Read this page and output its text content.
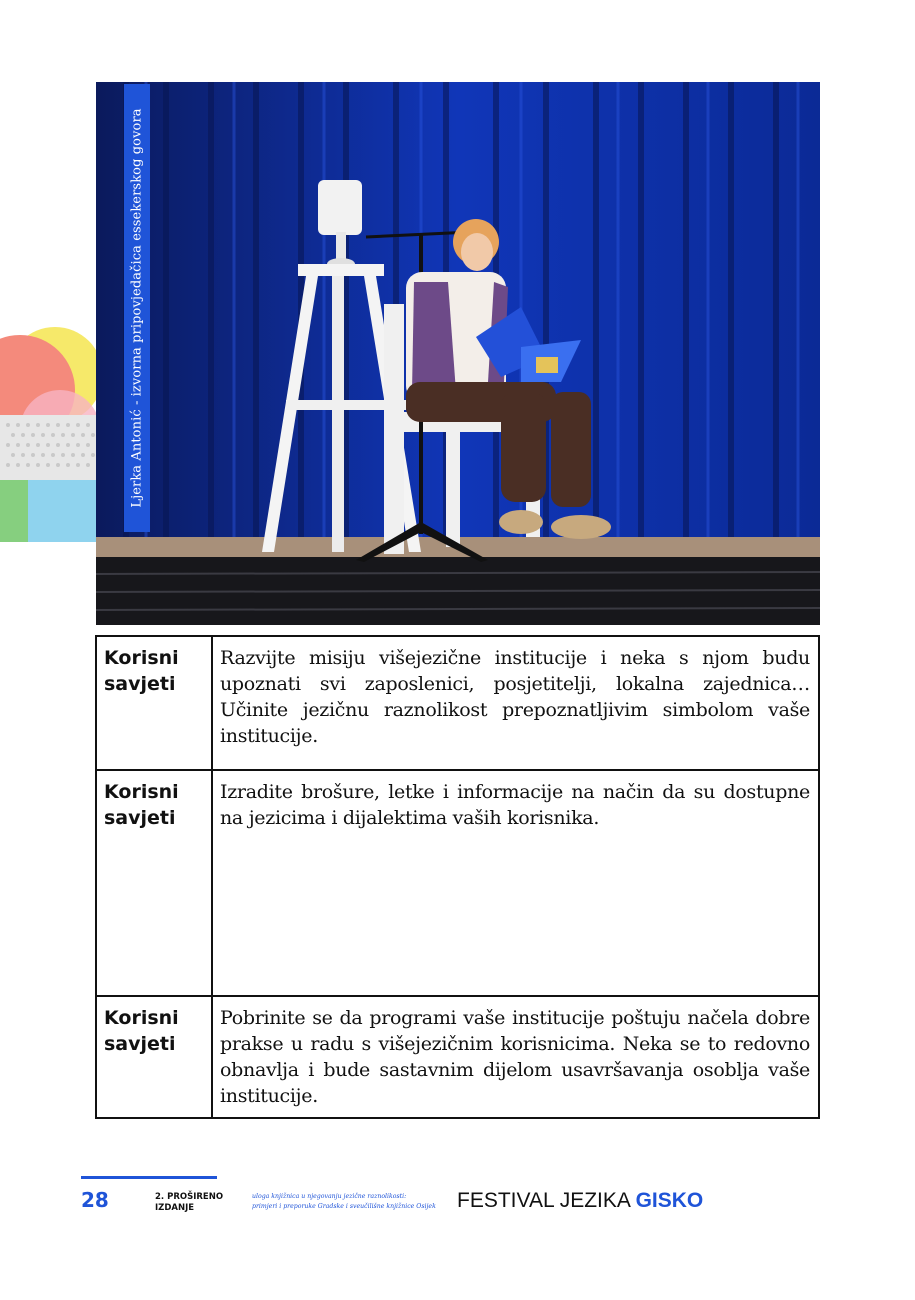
Ljerka Antonić - izvorna pripovjedačica essekerskog govora
Korisni savjeti	Razvijte misiju višejezične institucije i neka s njom budu upoznati svi zaposlenici, posjetitelji, lokalna zajednica… Učinite jezičnu raznolikost prepoznatljivim simbolom vaše institucije.
Korisni savjeti	Izradite brošure, letke i informacije na način da su dostupne na jezicima i dijalektima vaših korisnika.
Korisni savjeti	Pobrinite se da programi vaše institucije poštuju načela dobre prakse u radu s višejezičnim korisnicima. Neka se to redovno obnavlja i bude sastavnim dijelom usavršavanja osoblja vaše institucije.
28	2. PROŠIRENO
IZDANJE
uloga knjižnica u njegovanju jezične raznolikosti:
primjeri i preporuke Gradske i sveučilišne knjižnice Osijek FESTIVAL JEZIKA GISKO
